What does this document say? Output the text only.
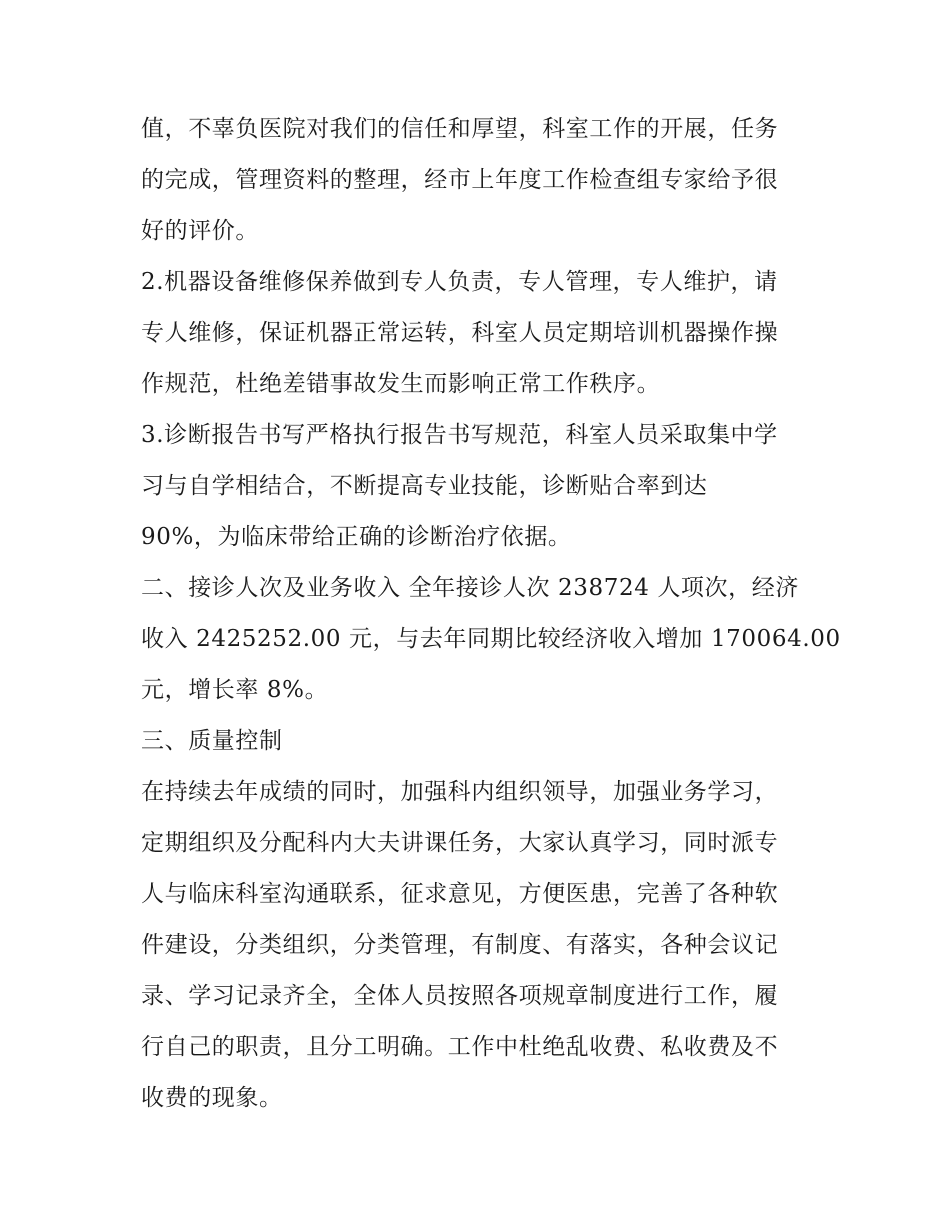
值，不辜负医院对我们的信任和厚望，科室工作的开展，任务
的完成，管理资料的整理，经市上年度工作检查组专家给予很
好的评价。
2.机器设备维修保养做到专人负责，专人管理，专人维护，请
专人维修，保证机器正常运转，科室人员定期培训机器操作操
作规范，杜绝差错事故发生而影响正常工作秩序。
3.诊断报告书写严格执行报告书写规范，科室人员采取集中学
习与自学相结合，不断提高专业技能，诊断贴合率到达
90%，为临床带给正确的诊断治疗依据。
二、接诊人次及业务收入 全年接诊人次 238724 人项次，经济
收入 2425252.00 元，与去年同期比较经济收入增加 170064.00
元，增长率 8%。
三、质量控制
在持续去年成绩的同时，加强科内组织领导，加强业务学习，
定期组织及分配科内大夫讲课任务，大家认真学习，同时派专
人与临床科室沟通联系，征求意见，方便医患，完善了各种软
件建设，分类组织，分类管理，有制度、有落实，各种会议记
录、学习记录齐全，全体人员按照各项规章制度进行工作，履
行自己的职责，且分工明确。工作中杜绝乱收费、私收费及不
收费的现象。
